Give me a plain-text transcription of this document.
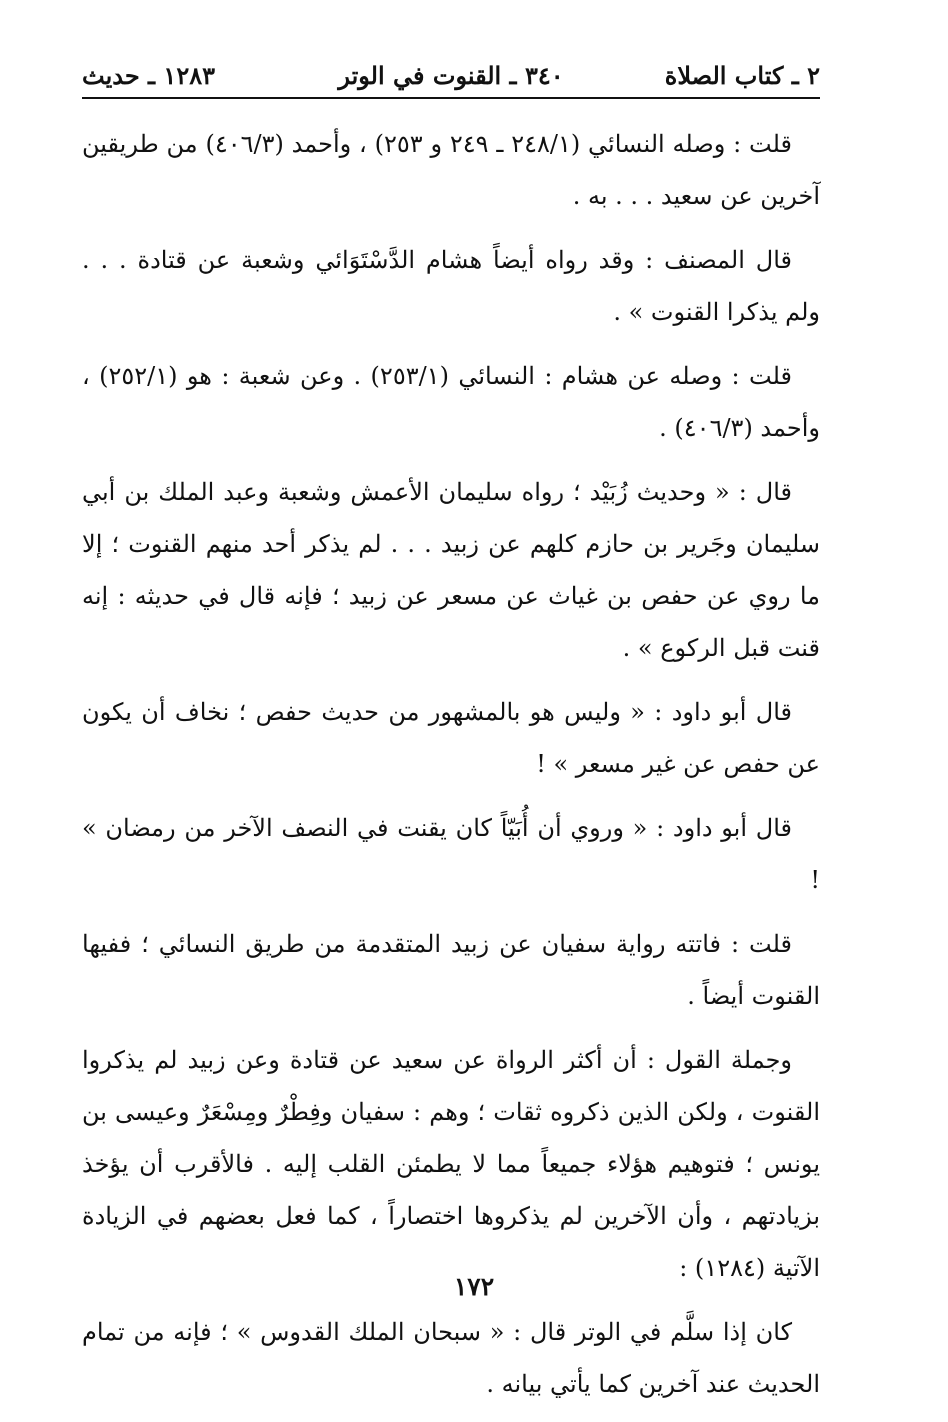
٢ ـ كتاب الصلاة
٣٤٠ ـ القنوت في الوتر
١٢٨٣ ـ حديث

قلت : وصله النسائي (٢٤٨/١ ـ ٢٤٩ و ٢٥٣) ، وأحمد (٤٠٦/٣) من طريقين آخرين عن سعيد . . . به .

قال المصنف : وقد رواه أيضاً هشام الدَّسْتَوَائي وشعبة عن قتادة . . . ولم يذكرا القنوت » .

قلت : وصله عن هشام : النسائي (٢٥٣/١) . وعن شعبة : هو (٢٥٢/١) ، وأحمد (٤٠٦/٣) .

قال : « وحديث زُبَيْد ؛ رواه سليمان الأعمش وشعبة وعبد الملك بن أبي سليمان وجَرير بن حازم كلهم عن زبيد . . . لم يذكر أحد منهم القنوت ؛ إلا ما روي عن حفص بن غياث عن مسعر عن زبيد ؛ فإنه قال في حديثه : إنه قنت قبل الركوع » .

قال أبو داود : « وليس هو بالمشهور من حديث حفص ؛ نخاف أن يكون عن حفص عن غير مسعر » !

قال أبو داود : « وروي أن أُبَيّاً كان يقنت في النصف الآخر من رمضان » !

قلت : فاتته رواية سفيان عن زبيد المتقدمة من طريق النسائي ؛ ففيها القنوت أيضاً .

وجملة القول : أن أكثر الرواة عن سعيد عن قتادة وعن زبيد لم يذكروا القنوت ، ولكن الذين ذكروه ثقات ؛ وهم : سفيان وفِطْرٌ ومِسْعَرٌ وعيسى بن يونس ؛ فتوهيم هؤلاء جميعاً مما لا يطمئن القلب إليه . فالأقرب أن يؤخذ بزيادتهم ، وأن الآخرين لم يذكروها اختصاراً ، كما فعل بعضهم في الزيادة الآتية (١٢٨٤) :

كان إذا سلَّم في الوتر قال : « سبحان الملك القدوس » ؛ فإنه من تمام الحديث عند آخرين كما يأتي بيانه .

١٧٢
